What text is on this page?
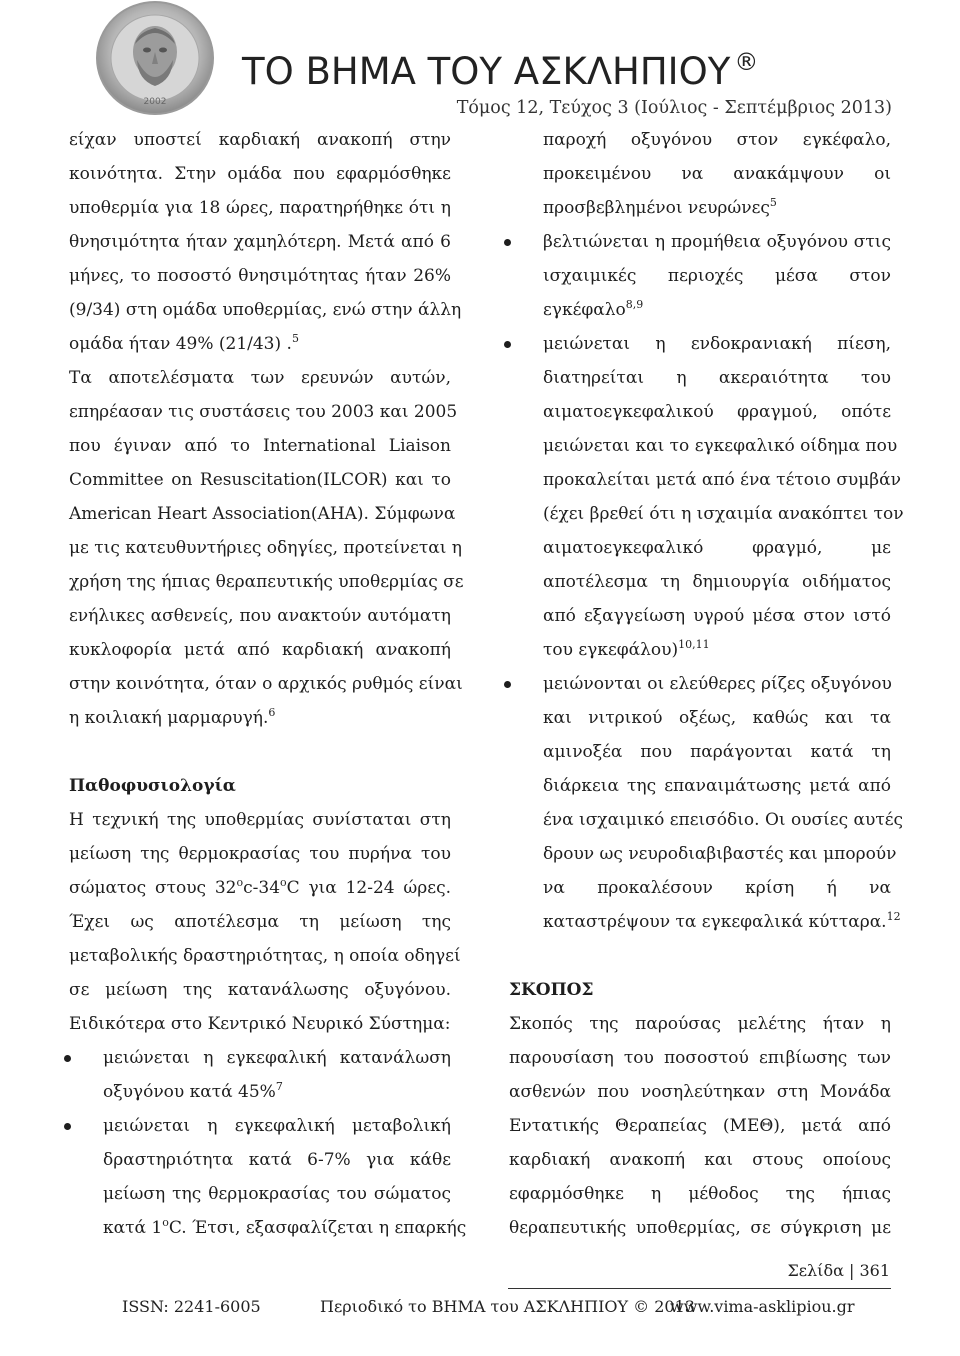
2002
ΤΟ ΒΗΜΑ ΤΟΥ ΑΣΚΛΗΠΙΟΥ ®
Τόμος 12, Τεύχος 3 (Ιούλιος - Σεπτέμβριος 2013)

είχαν υποστεί καρδιακή ανακοπή στην
κοινότητα. Στην ομάδα που εφαρμόσθηκε
υποθερμία για 18 ώρες, παρατηρήθηκε ότι η
θνησιμότητα ήταν χαμηλότερη. Μετά από 6
μήνες, το ποσοστό θνησιμότητας ήταν 26%
(9/34) στη ομάδα υποθερμίας, ενώ στην άλλη
ομάδα ήταν 49% (21/43) .$^5$

Τα αποτελέσματα των ερευνών αυτών,
επηρέασαν τις συστάσεις του 2003 και 2005
που έγιναν από το International Liaison
Committee on Resuscitation(ILCOR) και το
American Heart Association(AHA). Σύμφωνα
με τις κατευθυντήριες οδηγίες, προτείνεται η
χρήση της ήπιας θεραπευτικής υποθερμίας σε
ενήλικες ασθενείς, που ανακτούν αυτόματη
κυκλοφορία μετά από καρδιακή ανακοπή
στην κοινότητα, όταν ο αρχικός ρυθμός είναι
η κοιλιακή μαρμαρυγή.$^6$

Παθοφυσιολογία

Η τεχνική της υποθερμίας συνίσταται στη
μείωση της θερμοκρασίας του πυρήνα του
σώματος στους 32$^o$c-34$^o$C για 12-24 ώρες.
Έχει ως αποτέλεσμα τη μείωση της
μεταβολικής δραστηριότητας, η οποία οδηγεί
σε μείωση της κατανάλωσης οξυγόνου.
Ειδικότερα στο Κεντρικό Νευρικό Σύστημα:

μειώνεται η εγκεφαλική κατανάλωση
οξυγόνου κατά 45%$^7$

μειώνεται η εγκεφαλική μεταβολική
δραστηριότητα κατά 6-7% για κάθε
μείωση της θερμοκρασίας του σώματος
κατά 1$^o$C. Έτσι, εξασφαλίζεται η επαρκής

παροχή οξυγόνου στον εγκέφαλο,
προκειμένου να ανακάμψουν οι
προσβεβλημένοι νευρώνες$^5$

βελτιώνεται η προμήθεια οξυγόνου στις
ισχαιμικές περιοχές μέσα στον
εγκέφαλο$^{8,9}$

μειώνεται η ενδοκρανιακή πίεση,
διατηρείται η ακεραιότητα του
αιματοεγκεφαλικού φραγμού, οπότε
μειώνεται και το εγκεφαλικό οίδημα που
προκαλείται μετά από ένα τέτοιο συμβάν
(έχει βρεθεί ότι η ισχαιμία ανακόπτει τον
αιματοεγκεφαλικό φραγμό, με
αποτέλεσμα τη δημιουργία οιδήματος
από εξαγγείωση υγρού μέσα στον ιστό
του εγκεφάλου)$^{10,11}$

μειώνονται οι ελεύθερες ρίζες οξυγόνου
και νιτρικού οξέως, καθώς και τα
αμινοξέα που παράγονται κατά τη
διάρκεια της επαναιμάτωσης μετά από
ένα ισχαιμικό επεισόδιο. Οι ουσίες αυτές
δρουν ως νευροδιαβιβαστές και μπορούν
να προκαλέσουν κρίση ή να
καταστρέψουν τα εγκεφαλικά κύτταρα.$^{12}$

ΣΚΟΠΟΣ

Σκοπός της παρούσας μελέτης ήταν η
παρουσίαση του ποσοστού επιβίωσης των
ασθενών που νοσηλεύτηκαν στη Μονάδα
Εντατικής Θεραπείας (ΜΕΘ), μετά από
καρδιακή ανακοπή και στους οποίους
εφαρμόσθηκε η μέθοδος της ήπιας
θεραπευτικής υποθερμίας, σε σύγκριση με

Σελίδα | 361
ISSN: 2241-6005	Περιοδικό το ΒΗΜΑ του ΑΣΚΛΗΠΙΟΥ © 2013
www.vima-asklipiou.gr
